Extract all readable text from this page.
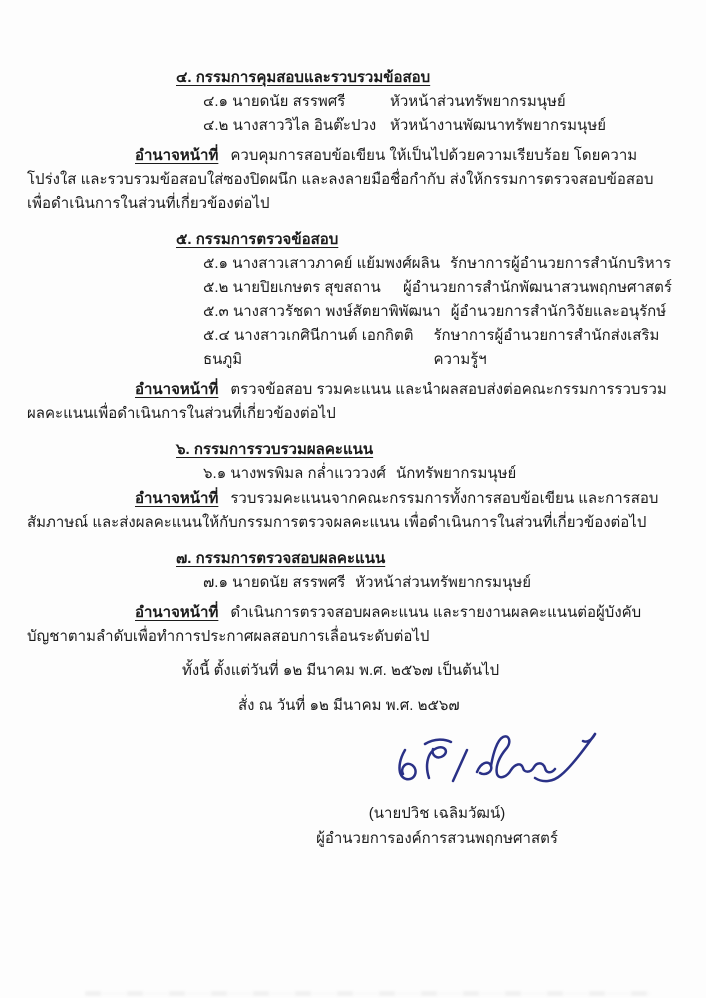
๔. กรรมการคุมสอบและรวบรวมข้อสอบ
๔.๑ นายดนัย สรรพศรี	หัวหน้าส่วนทรัพยากรมนุษย์
๔.๒ นางสาววิไล อินต๊ะปวง หัวหน้างานพัฒนาทรัพยากรมนุษย์
อำนาจหน้าที่ ควบคุมการสอบข้อเขียน ให้เป็นไปด้วยความเรียบร้อย โดยความโปร่งใส และรวบรวมข้อสอบใส่ซองปิดผนึก และลงลายมือชื่อกำกับ ส่งให้กรรมการตรวจสอบข้อสอบ เพื่อดำเนินการในส่วนที่เกี่ยวข้องต่อไป
๕. กรรมการตรวจข้อสอบ
๕.๑ นางสาวเสาวภาคย์ แย้มพงศ์ผลิน รักษาการผู้อำนวยการสำนักบริหาร
๕.๒ นายปิยเกษตร สุขสถาน	ผู้อำนวยการสำนักพัฒนาสวนพฤกษศาสตร์
๕.๓ นางสาวรัชดา พงษ์สัตยาพิพัฒนา ผู้อำนวยการสำนักวิจัยและอนุรักษ์
๕.๔ นางสาวเกศินีกานต์ เอกกิตติธนภูมิ
รักษาการผู้อำนวยการสำนักส่งเสริมความรู้ฯ
อำนาจหน้าที่ ตรวจข้อสอบ รวมคะแนน และนำผลสอบส่งต่อคณะกรรมการรวบรวมผลคะแนนเพื่อดำเนินการในส่วนที่เกี่ยวข้องต่อไป
๖. กรรมการรวบรวมผลคะแนน
๖.๑ นางพรพิมล กล่ำแวววงศ์ นักทรัพยากรมนุษย์
อำนาจหน้าที่ รวบรวมคะแนนจากคณะกรรมการทั้งการสอบข้อเขียน และการสอบสัมภาษณ์ และส่งผลคะแนนให้กับกรรมการตรวจผลคะแนน เพื่อดำเนินการในส่วนที่เกี่ยวข้องต่อไป
๗. กรรมการตรวจสอบผลคะแนน
๗.๑ นายดนัย สรรพศรี หัวหน้าส่วนทรัพยากรมนุษย์
อำนาจหน้าที่ ดำเนินการตรวจสอบผลคะแนน และรายงานผลคะแนนต่อผู้บังคับบัญชาตามลำดับเพื่อทำการประกาศผลสอบการเลื่อนระดับต่อไป
ทั้งนี้ ตั้งแต่วันที่ ๑๒ มีนาคม พ.ศ. ๒๕๖๗ เป็นต้นไป
สั่ง ณ วันที่ ๑๒ มีนาคม พ.ศ. ๒๕๖๗
(นายปวิช เฉลิมวัฒน์)
ผู้อำนวยการองค์การสวนพฤกษศาสตร์
